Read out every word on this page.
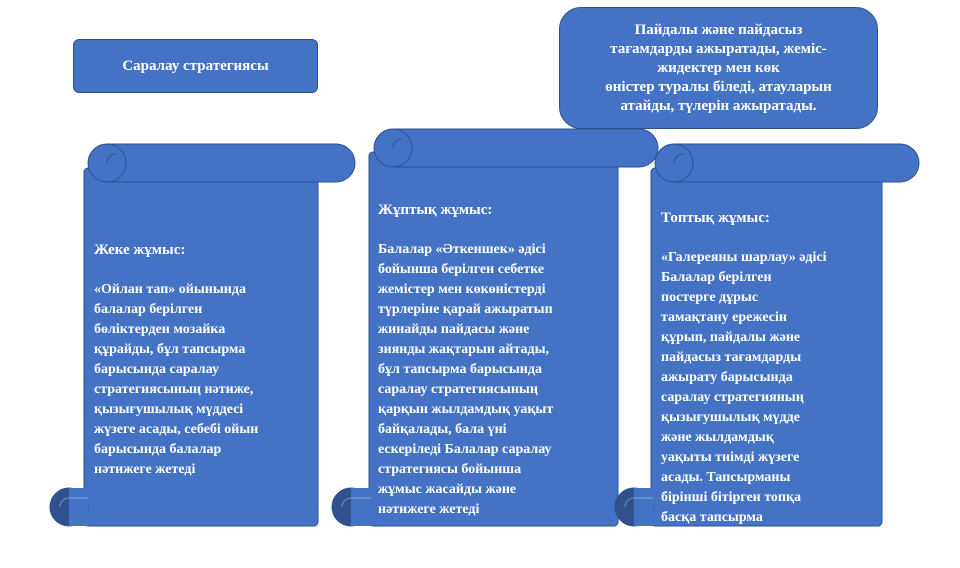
Саралау стратегиясы
Пайдалы және пайдасыз
тағамдарды ажыратады, жеміс-
жидектер мен көк
өністер туралы біледі, атауларын
атайды, түлерін ажыратады.

Жеке жұмыс:

«Ойлан тап» ойынында
балалар берілген
бөліктерден мозайка
құрайды, бұл тапсырма
барысында саралау
стратегиясының нәтиже,
қызығушылық мүддесі
жүзеге асады, себебі ойын
барысында балалар
нәтижеге жетеді

Жұптық жұмыс:

Балалар «Әткеншек» әдісі
бойынша берілген себетке
жемістер мен көкөністерді
түрлеріне қарай ажыратып
жинайды пайдасы және
зиянды жақтарын айтады,
бұл тапсырма барысында
саралау стратегиясының
қарқын жылдамдық уақыт
байқалады, бала үні
ескеріледі Балалар саралау
стратегиясы бойынша
жұмыс жасайды және
нәтижеге жетеді

Топтық жұмыс:

«Галереяны шарлау» әдісі
Балалар берілген
постерге дұрыс
тамақтану ережесін
құрып, пайдалы және
пайдасыз тағамдарды
ажырату барысында
саралау стратегияның
қызығушылық мүдде
және жылдамдық
уақыты тиімді жүзеге
асады. Тапсырманы
бірінші бітірген топқа
басқа тапсырма
дайындалып, беріледі.
